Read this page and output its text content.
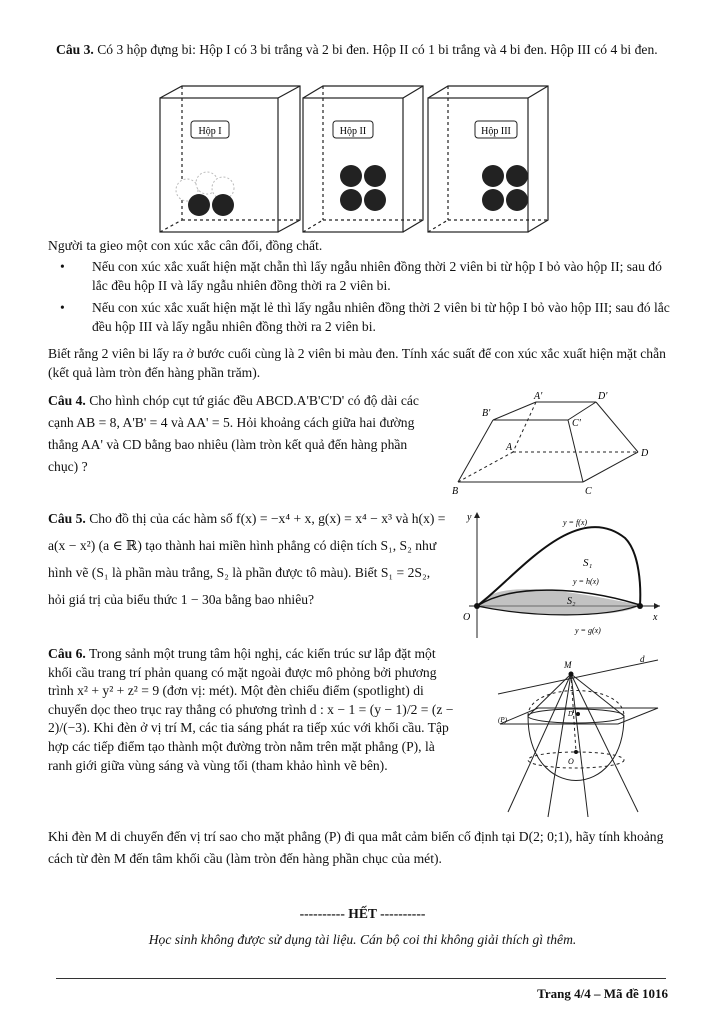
Câu 3. Có 3 hộp đựng bi: Hộp I có 3 bi trắng và 2 bi đen. Hộp II có 1 bi trắng và 4 bi đen. Hộp III có 4 bi đen.
Hộp I	Hộp II	Hộp III
Người ta gieo một con xúc xắc cân đối, đồng chất.
•	Nếu con xúc xắc xuất hiện mặt chẵn thì lấy ngẫu nhiên đồng thời 2 viên bi từ hộp I bỏ vào hộp II; sau đó lắc đều hộp II và lấy ngẫu nhiên đồng thời ra 2 viên bi.
•	Nếu con xúc xắc xuất hiện mặt lẻ thì lấy ngẫu nhiên đồng thời 2 viên bi từ hộp I bỏ vào hộp III; sau đó lắc đều hộp III và lấy ngẫu nhiên đồng thời ra 2 viên bi.
Biết rằng 2 viên bi lấy ra ở bước cuối cùng là 2 viên bi màu đen. Tính xác suất để con xúc xắc xuất hiện mặt chẵn (kết quả làm tròn đến hàng phần trăm).
Câu 4. Cho hình chóp cụt tứ giác đều ABCD.A'B'C'D' có độ dài các cạnh AB = 8, A'B' = 4 và AA' = 5. Hỏi khoảng cách giữa hai đường thẳng AA' và CD bằng bao nhiêu (làm tròn kết quả đến hàng phần chục) ?
A'	D'
B'
C'
A
D
B	C
Câu 5. Cho đồ thị của các hàm số f(x) = −x⁴ + x, g(x) = x⁴ − x³ và h(x) = a(x − x²) (a ∈ ℝ) tạo thành hai miền hình phẳng có diện tích S₁, S₂ như hình vẽ (S₁ là phần màu trắng, S₂ là phần được tô màu). Biết S₁ = 2S₂, hỏi giá trị của biểu thức 1 − 30a bằng bao nhiêu?
y = f(x)
y = h(x)
y = g(x)
S₁
S₂
O	x
y
Câu 6. Trong sảnh một trung tâm hội nghị, các kiến trúc sư lắp đặt một khối cầu trang trí phản quang có mặt ngoài được mô phỏng bởi phương trình x² + y² + z² = 9 (đơn vị: mét). Một đèn chiếu điểm (spotlight) di chuyển dọc theo trục ray thẳng có phương trình d : x − 1 = (y − 1)/2 = (z − 2)/(−3). Khi đèn ở vị trí M, các tia sáng phát ra tiếp xúc với khối cầu. Tập hợp các tiếp điểm tạo thành một đường tròn nằm trên mặt phẳng (P), là ranh giới giữa vùng sáng và vùng tối (tham khảo hình vẽ bên).
M
d
(P)
D
O
Khi đèn M di chuyển đến vị trí sao cho mặt phẳng (P) đi qua mắt cảm biến cố định tại D(2; 0;1), hãy tính khoảng cách từ đèn M đến tâm khối cầu (làm tròn đến hàng phần chục của mét).
---------- HẾT ----------
Học sinh không được sử dụng tài liệu. Cán bộ coi thi không giải thích gì thêm.
Trang 4/4 – Mã đề 1016
